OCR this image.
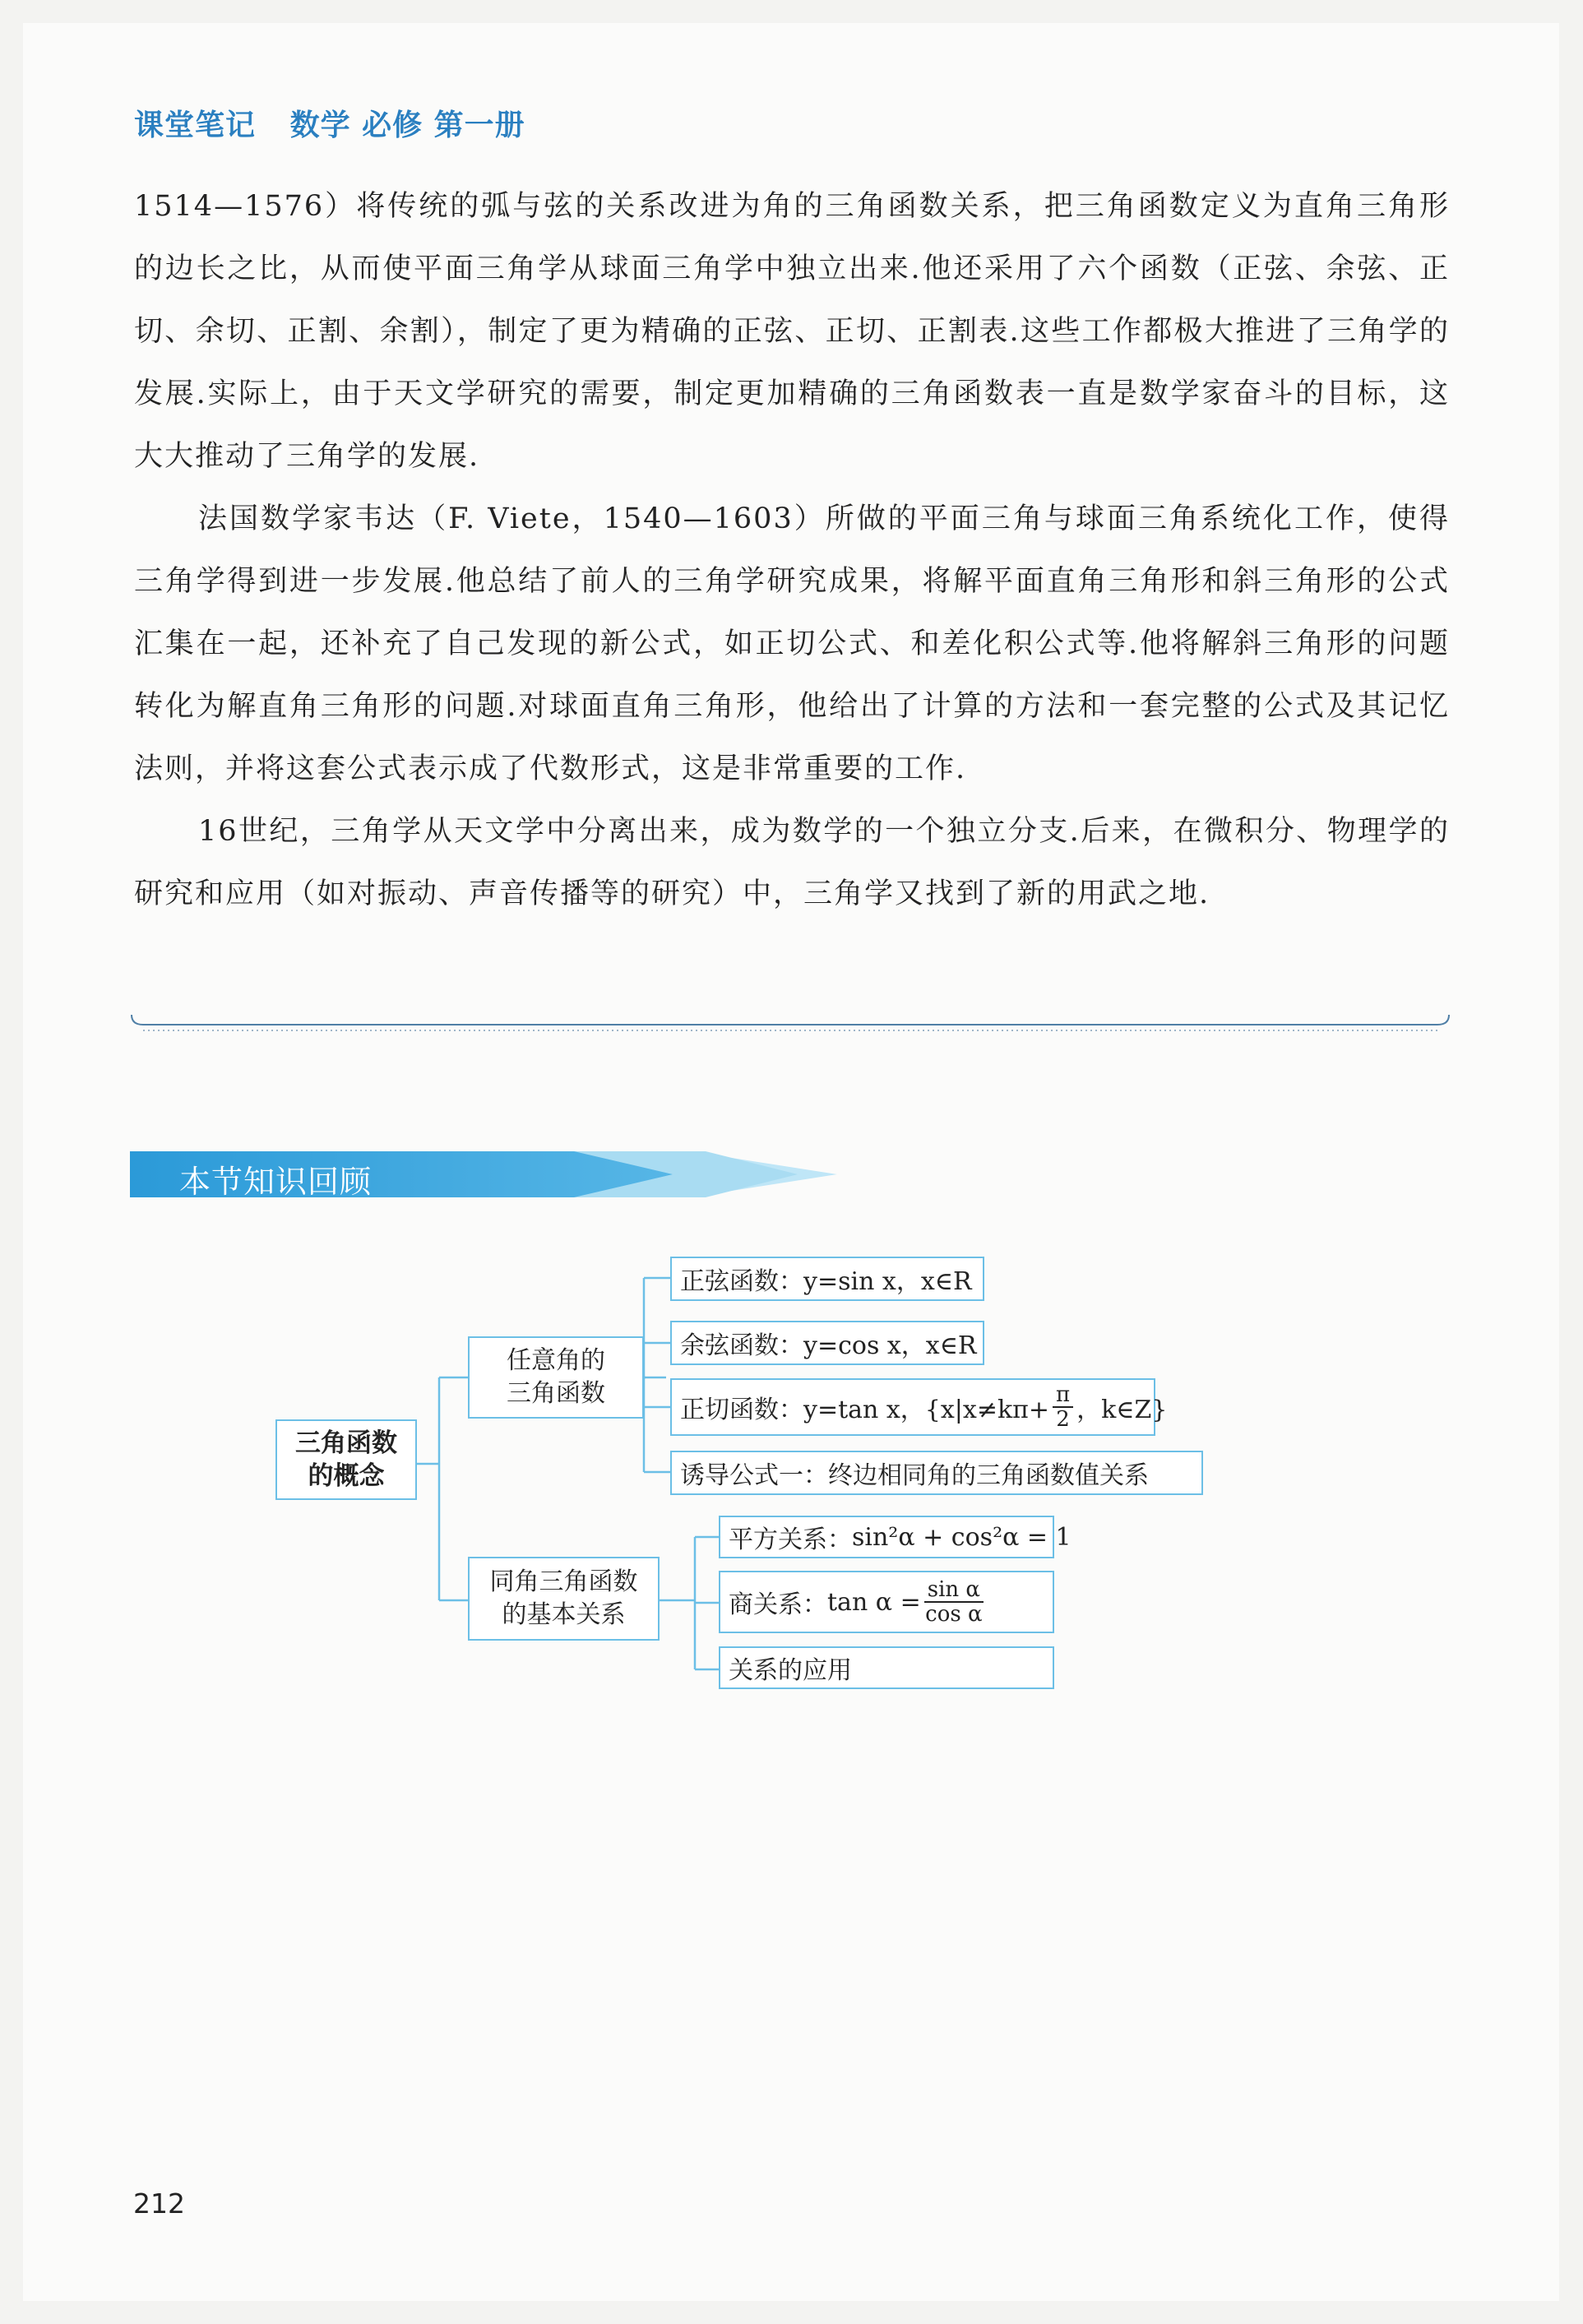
课堂笔记 数学 必修 第一册

1514—1576）将传统的弧与弦的关系改进为角的三角函数关系，把三角函数定义为直角三角形的边长之比，从而使平面三角学从球面三角学中独立出来.他还采用了六个函数（正弦、余弦、正切、余切、正割、余割），制定了更为精确的正弦、正切、正割表.这些工作都极大推进了三角学的发展.实际上，由于天文学研究的需要，制定更加精确的三角函数表一直是数学家奋斗的目标，这大大推动了三角学的发展.

法国数学家韦达（F. Viete，1540—1603）所做的平面三角与球面三角系统化工作，使得三角学得到进一步发展.他总结了前人的三角学研究成果，将解平面直角三角形和斜三角形的公式汇集在一起，还补充了自己发现的新公式，如正切公式、和差化积公式等.他将解斜三角形的问题转化为解直角三角形的问题.对球面直角三角形，他给出了计算的方法和一套完整的公式及其记忆法则，并将这套公式表示成了代数形式，这是非常重要的工作.

16世纪，三角学从天文学中分离出来，成为数学的一个独立分支.后来，在微积分、物理学的研究和应用（如对振动、声音传播等的研究）中，三角学又找到了新的用武之地.

本节知识回顾
三角函数
的概念
任意角的
三角函数
正弦函数： y=sin x，x∈R
余弦函数： y=cos x，x∈R
正切函数： y=tan x，{$x|x\ne k\pi+ \frac{\pi}{2}$ ，k∈Z}
诱导公式一：终边相同角的三角函数值关系
同角三角函数
的基本关系
平方关系： sin²α + cos²α = 1
商关系： $\tan \alpha = \frac{\text{sin α}}{\text{cos α}}$
关系的应用
212
